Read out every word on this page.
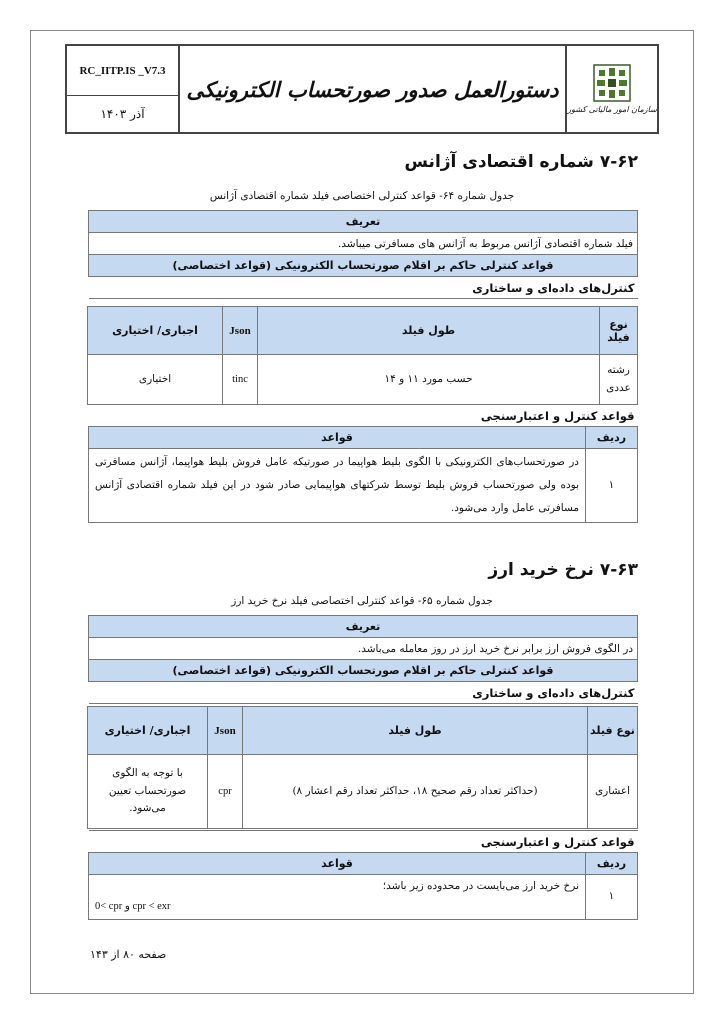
RC_IITP.IS _V7.3
آذر ۱۴۰۳
دستورالعمل صدور صورتحساب الکترونیکی
سازمان امور مالیاتی کشور
۷-۶۲ شماره اقتصادی آژانس
جدول شماره ۶۴- قواعد کنترلی اختصاصی فیلد شماره اقتصادی آژانس
تعریف
فیلد شماره اقتصادی آژانس مربوط به آژانس های مسافرتی میباشد.
قواعد کنترلی حاکم بر اقلام صورتحساب الکترونیکی (قواعد اختصاصی)
کنترل‌های داده‌ای و ساختاری
نوع فیلد	طول فیلد	Json	اجباری/ اختیاری
رشته عددی	حسب مورد ۱۱ و ۱۴	tinc	اختیاری
قواعد کنترل و اعتبارسنجی	
ردیف	قواعد
۱	در صورتحساب‌های الکترونیکی با الگوی بلیط هواپیما در صورتیکه عامل فروش بلیط هواپیما، آژانس مسافرتی بوده ولی صورتحساب فروش بلیط توسط شرکتهای هواپیمایی صادر شود در این فیلد شماره اقتصادی آژانس مسافرتی عامل وارد می‌شود.
۷-۶۳ نرخ خرید ارز
جدول شماره ۶۵- قواعد کنترلی اختصاصی فیلد نرخ خرید ارز
تعریف
در الگوی فروش ارز برابر نرخ خرید ارز در روز معامله می‌باشد.
قواعد کنترلی حاکم بر اقلام صورتحساب الکترونیکی (قواعد اختصاصی)
کنترل‌های داده‌ای و ساختاری
نوع فیلد	طول فیلد	Json	اجباری/ اختیاری
اعشاری	(حداکثر تعداد رقم صحیح ۱۸، حداکثر تعداد رقم اعشار ۸)	cpr	با توجه به الگوی صورتحساب تعیین می‌شود.
قواعد کنترل و اعتبارسنجی	
ردیف	قواعد
۱	نرخ خرید ارز می‌بایست در محدوده زیر باشد؛
0< cpr و cpr < exr
صفحه ۸۰ از ۱۴۳
